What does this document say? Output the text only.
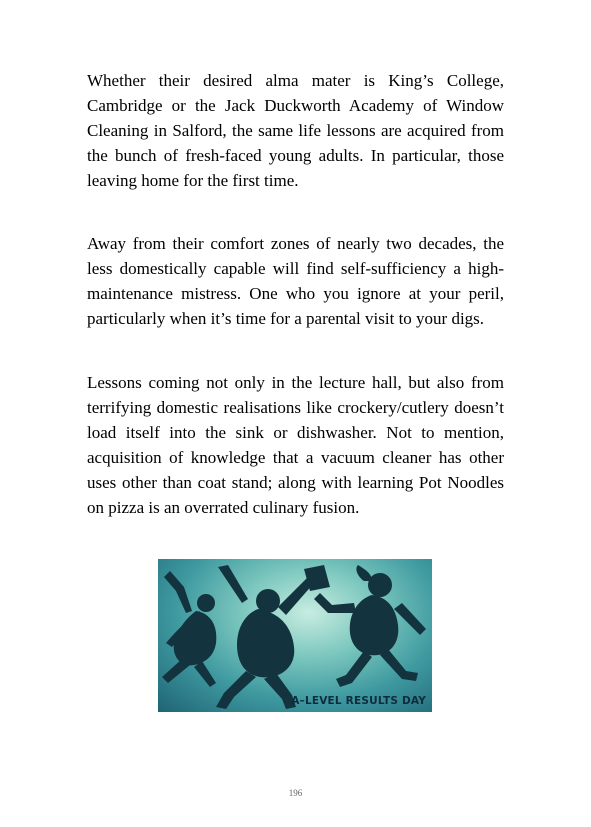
Whether their desired alma mater is King’s College, Cambridge or the Jack Duckworth Academy of Window Cleaning in Salford, the same life lessons are acquired from the bunch of fresh-faced young adults. In particular, those leaving home for the first time.

Away from their comfort zones of nearly two decades, the less domestically capable will find self-sufficiency a high-maintenance mistress. One who you ignore at your peril, particularly when it’s time for a parental visit to your digs.

Lessons coming not only in the lecture hall, but also from terrifying domestic realisations like crockery/cutlery doesn’t load itself into the sink or dishwasher. Not to mention, acquisition of knowledge that a vacuum cleaner has other uses other than coat stand; along with learning Pot Noodles on pizza is an overrated culinary fusion.

A–LEVEL RESULTS DAY
196
